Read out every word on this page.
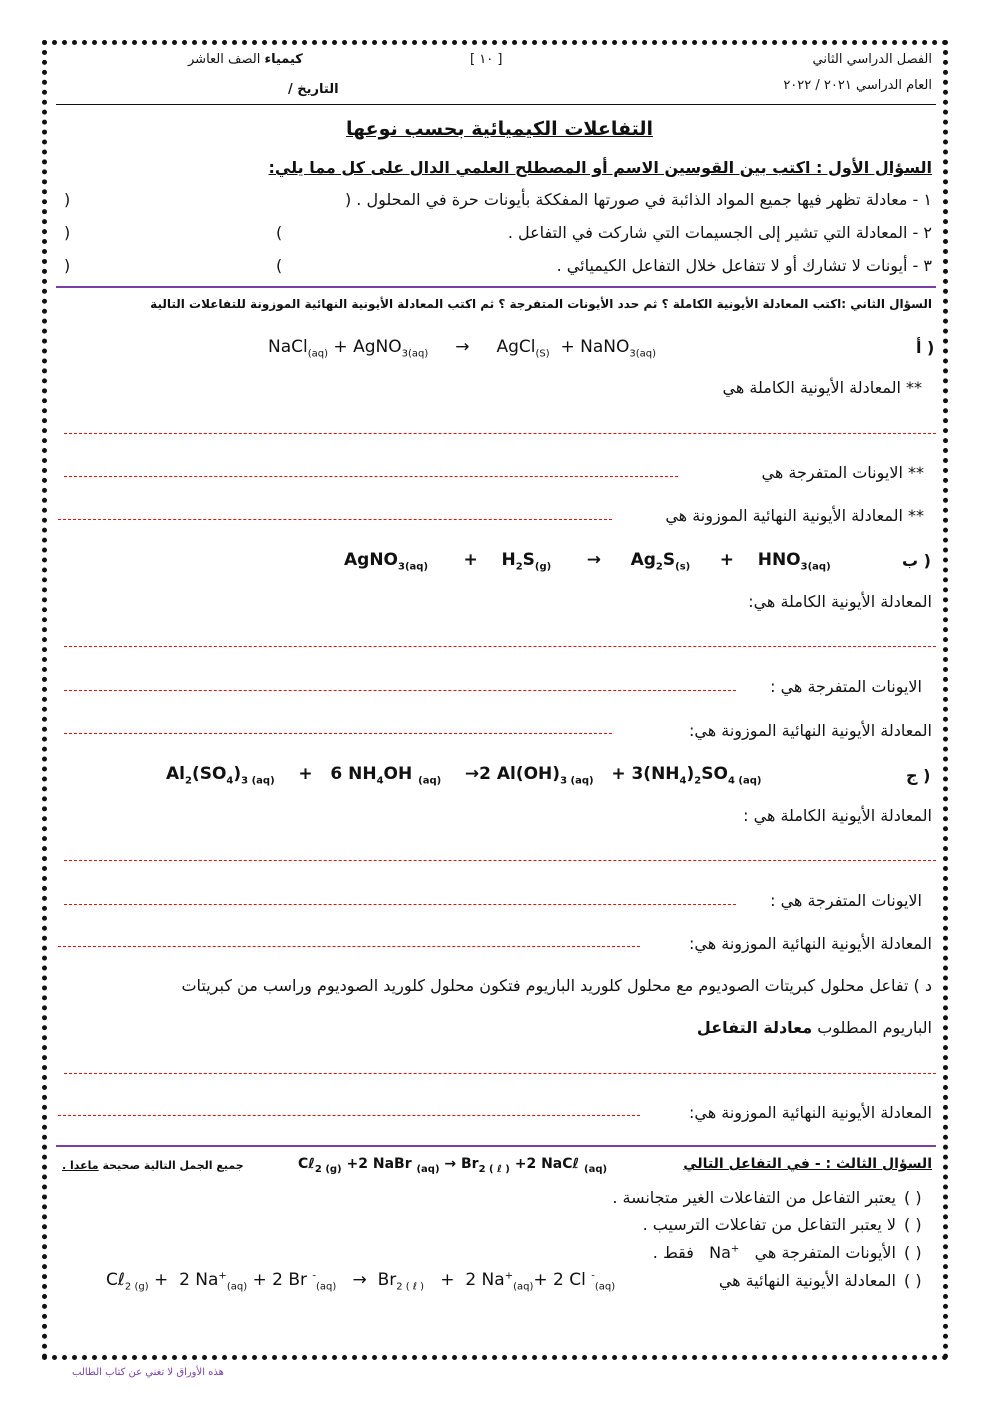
الفصل الدراسي الثاني
العام الدراسي ٢٠٢١ / ٢٠٢٢
[ ١٠ ]
كيمياء الصف العاشر
التاريخ /
التفاعلات الكيميائية بحسب نوعها
السؤال الأول : اكتب بين القوسين الاسم أو المصطلح العلمي الدال على كل مما يلي:
١ - معادلة تظهر فيها جميع المواد الذائبة في صورتها المفككة بأيونات حرة في المحلول . (
)
٢ - المعادلة التي تشير إلى الجسيمات التي شاركت في التفاعل .
(
)
٣ - أيونات لا تشارك أو لا تتفاعل خلال التفاعل الكيميائي .
(
)
السؤال الثاني :اكتب المعادلة الأيونية الكاملة ؟ ثم حدد الأيونات المتفرجة ؟ ثم اكتب المعادلة الأيونية النهائية الموزونة للتفاعلات التالية
أ )
NaCl$_{(aq)}$ + AgNO$_{3(aq)}$     →     AgCl$_{(S)}$  + NaNO$_{3(aq)}$
** المعادلة الأيونية الكاملة هي
** الايونات المتفرجة هي
** المعادلة الأيونية النهائية الموزونة هي
ب )
AgNO$_{3(aq)}$      +    $H_2S_{(g)}$      →     $Ag_2S_{(s)}$     +    $HNO_{3(aq)}$
المعادلة الأيونية الكاملة هي:
الايونات المتفرجة هي :
المعادلة الأيونية النهائية الموزونة هي:
ج )
$Al_2(SO_4)_{3 (aq)}$    +   6 $NH_4OH$ $_{(aq)}$    →2 $Al(OH)_{3 (aq)} + 3(NH_4)_2SO_{4 (aq)}$
المعادلة الأيونية الكاملة هي :
الايونات المتفرجة هي :
المعادلة الأيونية النهائية الموزونة هي:
د ) تفاعل محلول كبريتات الصوديوم مع محلول كلوريد الباريوم فتكون محلول كلوريد الصوديوم وراسب من كبريتات
الباريوم المطلوب معادلة التفاعل
المعادلة الأيونية النهائية الموزونة هي:
السؤال الثالث : - في التفاعل التالي
Cℓ$_{2 (g)}$ +2 NaBr $_{(aq)} \to Br_{2 ( \ell )} +2$ NaCℓ $_{(aq)}$
جميع الجمل التالية صحيحة ماعدا .
( )
يعتبر التفاعل من التفاعلات الغير متجانسة .
( )
لا يعتبر التفاعل من تفاعلات الترسيب .
( )
الأيونات المتفرجة هي   Na+   فقط .
( )
المعادلة الأيونية النهائية هي
Cℓ$_{2 (g)}$ +  2 $Na^+_{(aq)} + 2$ Br $^-_{(aq)} \to Br_{2 ( \ell )} + 2$ $Na^+_{(aq)}+ 2$ Cl -$_{(aq)}$
هذه الأوراق لا تغني عن كتاب الطالب
